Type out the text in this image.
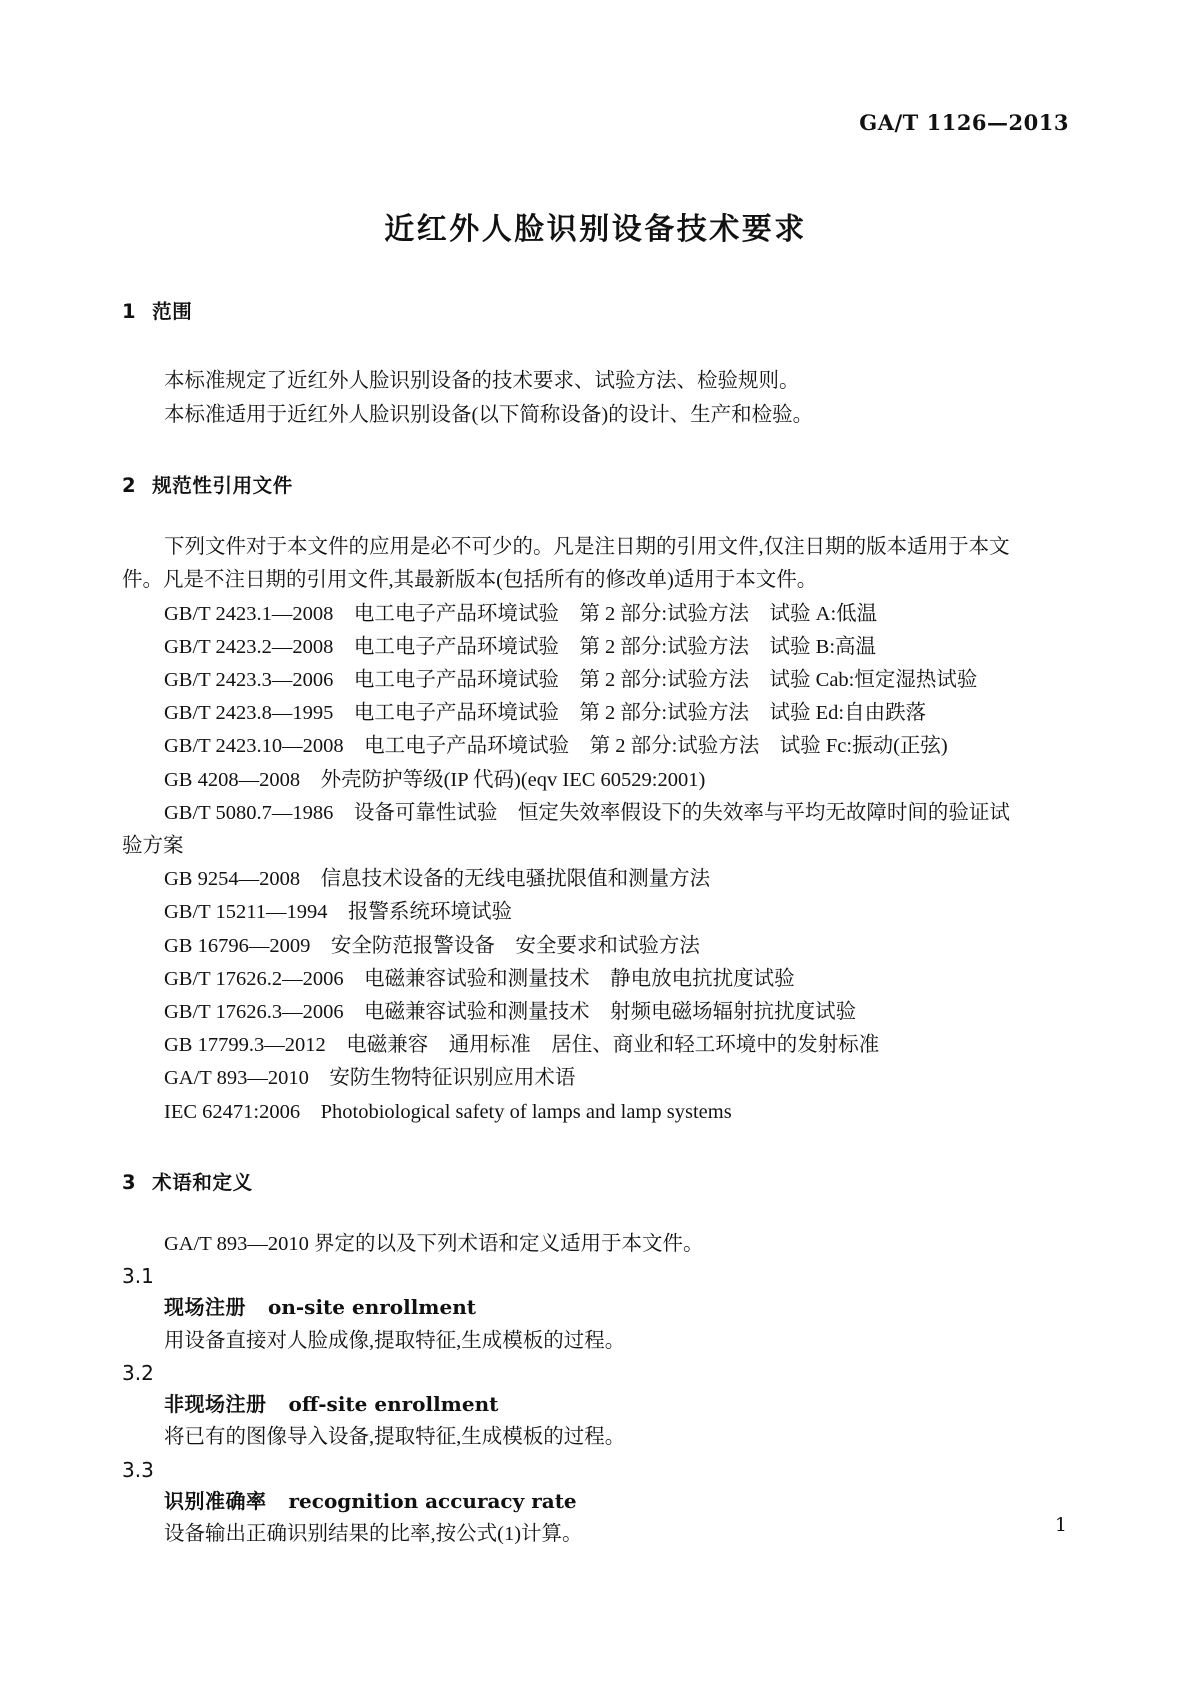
GA/T 1126—2013
近红外人脸识别设备技术要求
1 范围

本标准规定了近红外人脸识别设备的技术要求、试验方法、检验规则。

本标准适用于近红外人脸识别设备(以下简称设备)的设计、生产和检验。

2 规范性引用文件

下列文件对于本文件的应用是必不可少的。凡是注日期的引用文件,仅注日期的版本适用于本文

件。凡是不注日期的引用文件,其最新版本(包括所有的修改单)适用于本文件。

GB/T 2423.1—2008　电工电子产品环境试验　第 2 部分:试验方法　试验 A:低温

GB/T 2423.2—2008　电工电子产品环境试验　第 2 部分:试验方法　试验 B:高温

GB/T 2423.3—2006　电工电子产品环境试验　第 2 部分:试验方法　试验 Cab:恒定湿热试验

GB/T 2423.8—1995　电工电子产品环境试验　第 2 部分:试验方法　试验 Ed:自由跌落

GB/T 2423.10—2008　电工电子产品环境试验　第 2 部分:试验方法　试验 Fc:振动(正弦)

GB 4208—2008　外壳防护等级(IP 代码)(eqv IEC 60529:2001)

GB/T 5080.7—1986　设备可靠性试验　恒定失效率假设下的失效率与平均无故障时间的验证试

验方案

GB 9254—2008　信息技术设备的无线电骚扰限值和测量方法

GB/T 15211—1994　报警系统环境试验

GB 16796—2009　安全防范报警设备　安全要求和试验方法

GB/T 17626.2—2006　电磁兼容试验和测量技术　静电放电抗扰度试验

GB/T 17626.3—2006　电磁兼容试验和测量技术　射频电磁场辐射抗扰度试验

GB 17799.3—2012　电磁兼容　通用标准　居住、商业和轻工环境中的发射标准

GA/T 893—2010　安防生物特征识别应用术语

IEC 62471:2006　Photobiological safety of lamps and lamp systems

3 术语和定义

GA/T 893—2010 界定的以及下列术语和定义适用于本文件。

3.1

现场注册 on-site enrollment

用设备直接对人脸成像,提取特征,生成模板的过程。

3.2

非现场注册 off-site enrollment

将已有的图像导入设备,提取特征,生成模板的过程。

3.3

识别准确率 recognition accuracy rate

设备输出正确识别结果的比率,按公式(1)计算。	1
